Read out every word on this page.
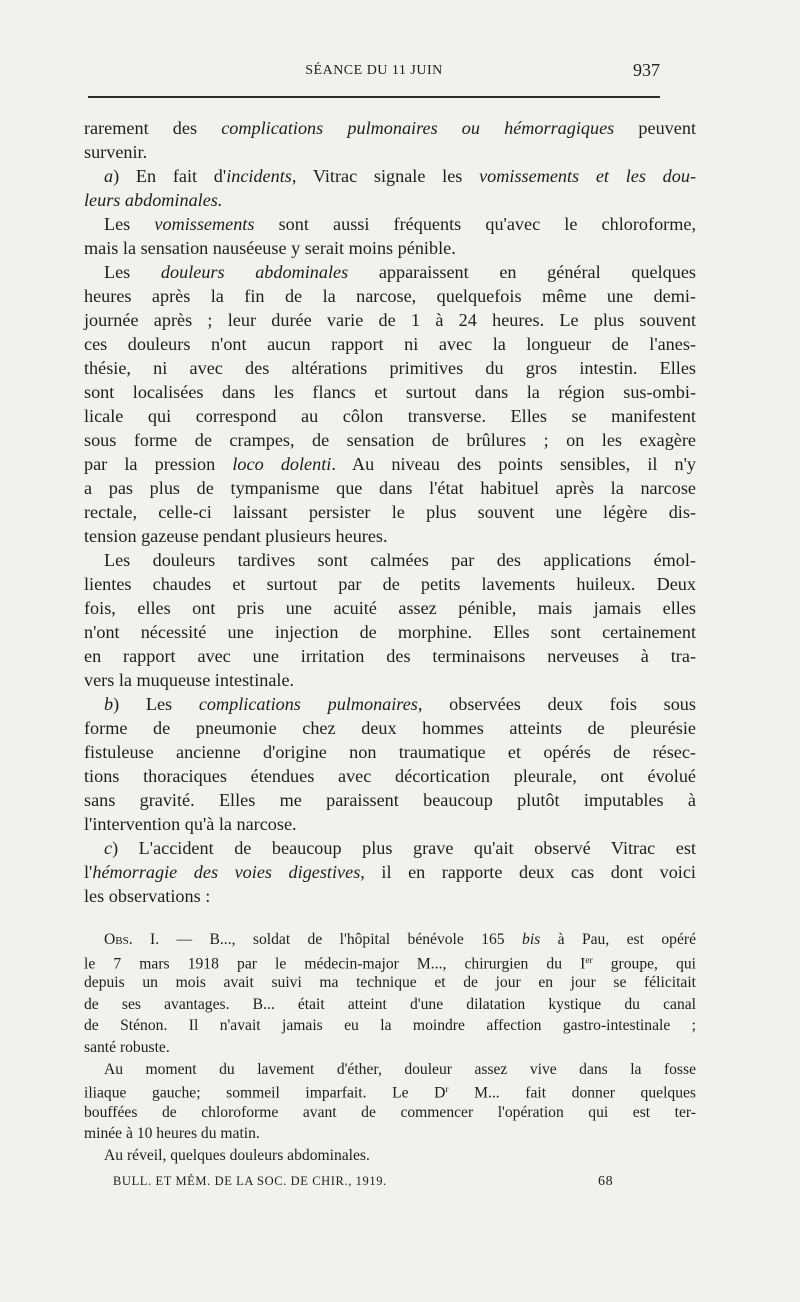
SÉANCE DU 11 JUIN	937
rarement des complications pulmonaires ou hémorragiques peuvent
survenir.
a) En fait d'incidents, Vitrac signale les vomissements et les dou-
leurs abdominales.
Les vomissements sont aussi fréquents qu'avec le chloroforme,
mais la sensation nauséeuse y serait moins pénible.
Les douleurs abdominales apparaissent en général quelques
heures après la fin de la narcose, quelquefois même une demi-
journée après ; leur durée varie de 1 à 24 heures. Le plus souvent
ces douleurs n'ont aucun rapport ni avec la longueur de l'anes-
thésie, ni avec des altérations primitives du gros intestin. Elles
sont localisées dans les flancs et surtout dans la région sus-ombi-
licale qui correspond au côlon transverse. Elles se manifestent
sous forme de crampes, de sensation de brûlures ; on les exagère
par la pression loco dolenti. Au niveau des points sensibles, il n'y
a pas plus de tympanisme que dans l'état habituel après la narcose
rectale, celle-ci laissant persister le plus souvent une légère dis-
tension gazeuse pendant plusieurs heures.
Les douleurs tardives sont calmées par des applications émol-
lientes chaudes et surtout par de petits lavements huileux. Deux
fois, elles ont pris une acuité assez pénible, mais jamais elles
n'ont nécessité une injection de morphine. Elles sont certainement
en rapport avec une irritation des terminaisons nerveuses à tra-
vers la muqueuse intestinale.
b) Les complications pulmonaires, observées deux fois sous
forme de pneumonie chez deux hommes atteints de pleurésie
fistuleuse ancienne d'origine non traumatique et opérés de résec-
tions thoraciques étendues avec décortication pleurale, ont évolué
sans gravité. Elles me paraissent beaucoup plutôt imputables à
l'intervention qu'à la narcose.
c) L'accident de beaucoup plus grave qu'ait observé Vitrac est
l'hémorragie des voies digestives, il en rapporte deux cas dont voici
les observations :
Obs. I. — B..., soldat de l'hôpital bénévole 165 bis à Pau, est opéré
le 7 mars 1918 par le médecin-major M..., chirurgien du Ier groupe, qui
depuis un mois avait suivi ma technique et de jour en jour se félicitait
de ses avantages. B... était atteint d'une dilatation kystique du canal
de Sténon. Il n'avait jamais eu la moindre affection gastro-intestinale ;
santé robuste.
Au moment du lavement d'éther, douleur assez vive dans la fosse
iliaque gauche; sommeil imparfait. Le $D^r$ M... fait donner quelques
bouffées de chloroforme avant de commencer l'opération qui est ter-
minée à 10 heures du matin.
Au réveil, quelques douleurs abdominales.
BULL. ET MÉM. DE LA SOC. DE CHIR., 1919.	68
